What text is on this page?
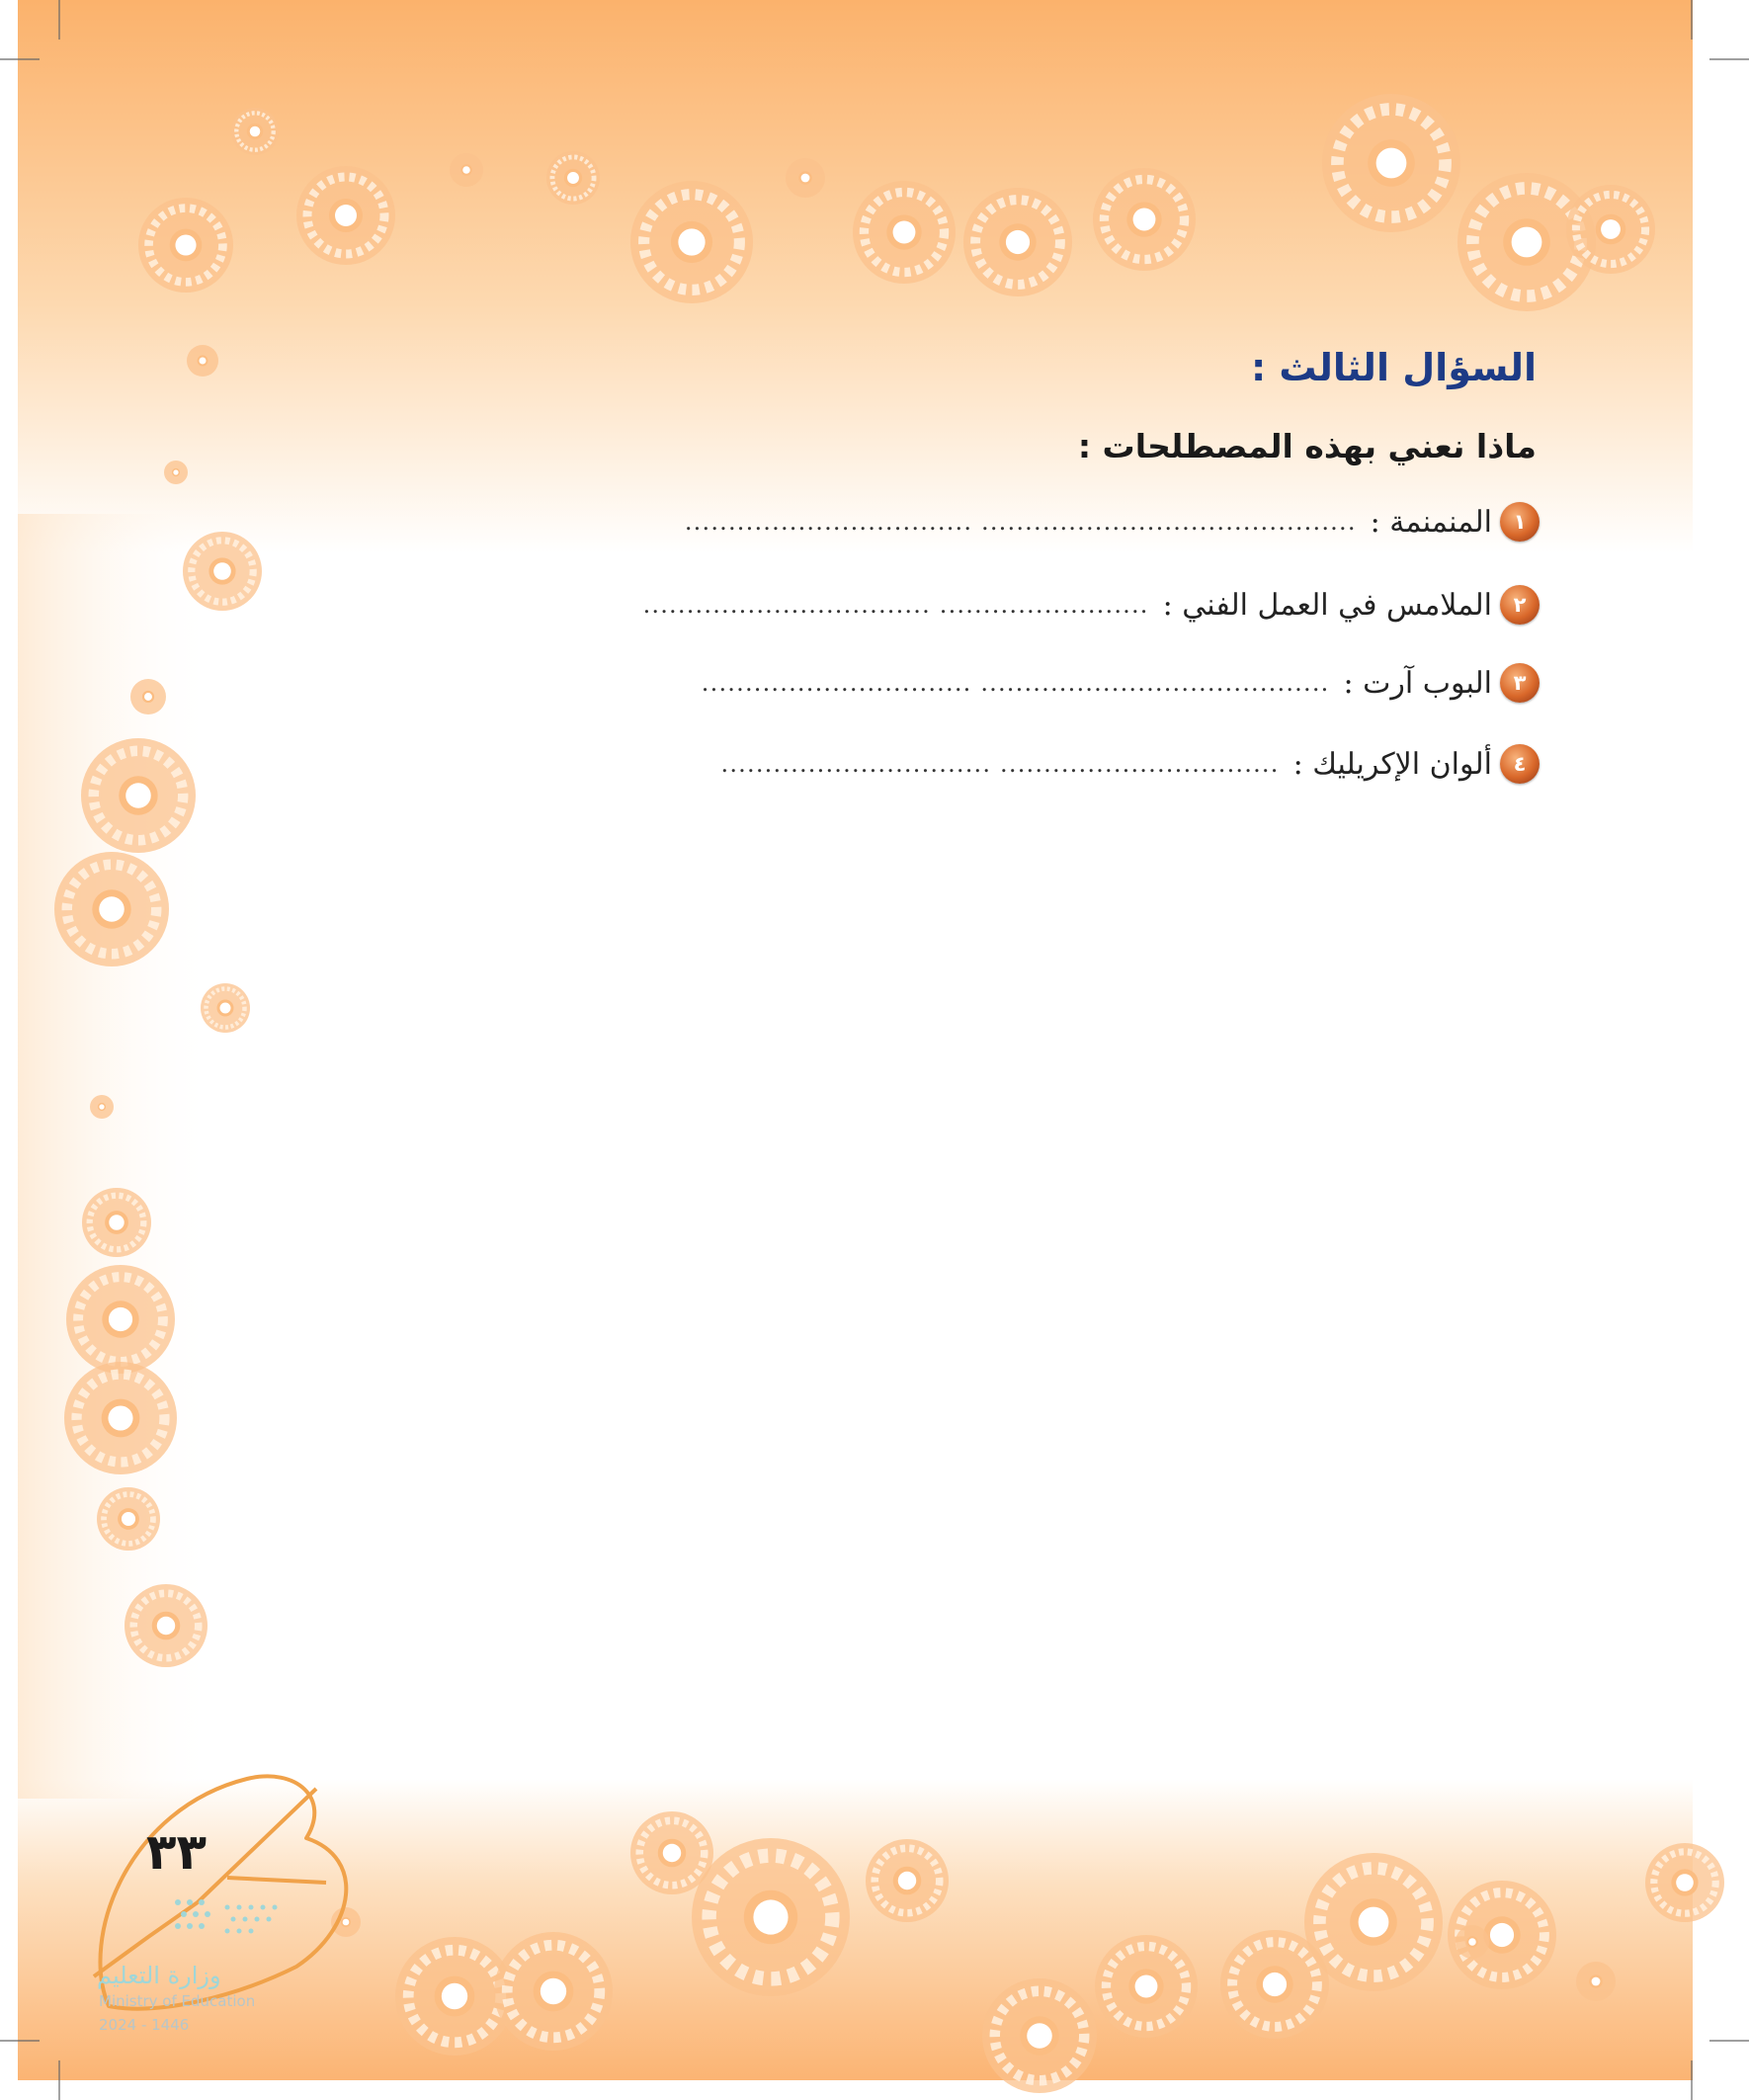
السؤال الثالث :
ماذا نعني بهذه المصطلحات :
١
المنمنمة :
........................................... .................................
٢
الملامس في العمل الفني :
........................ .................................
٣
البوب آرت :
........................................ ...............................
٤
ألوان الإكريليك :
................................ ...............................
٣٣
وزارة التعليم
Ministry of Education
2024 - 1446
